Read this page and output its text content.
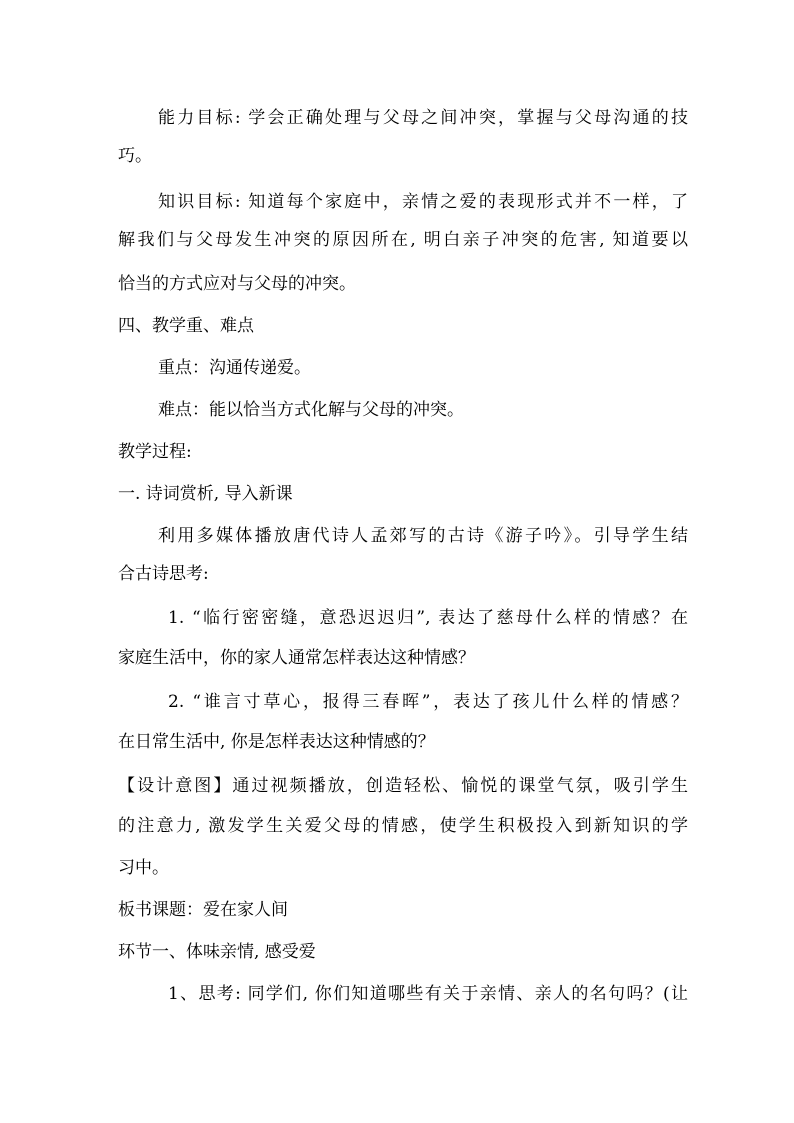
能力目标: 学会正确处理与父母之间冲突，掌握与父母沟通的技
巧。
知识目标: 知道每个家庭中，亲情之爱的表现形式并不一样，了
解我们与父母发生冲突的原因所在, 明白亲子冲突的危害, 知道要以
恰当的方式应对与父母的冲突。
四、教学重、难点
重点：沟通传递爱。
难点：能以恰当方式化解与父母的冲突。
教学过程:
一. 诗词赏析, 导入新课
利用多媒体播放唐代诗人孟郊写的古诗《游子吟》。引导学生结
合古诗思考:
1. “临行密密缝，意恐迟迟归”, 表达了慈母什么样的情感？在
家庭生活中，你的家人通常怎样表达这种情感？
2. “谁言寸草心，报得三春晖”，表达了孩儿什么样的情感？
在日常生活中, 你是怎样表达这种情感的？
【设计意图】通过视频播放，创造轻松、愉悦的课堂气氛，吸引学生
的注意力, 激发学生关爱父母的情感，使学生积极投入到新知识的学
习中。
板书课题：爱在家人间
环节一、体味亲情, 感受爱
1、思考: 同学们, 你们知道哪些有关于亲情、亲人的名句吗？(让
